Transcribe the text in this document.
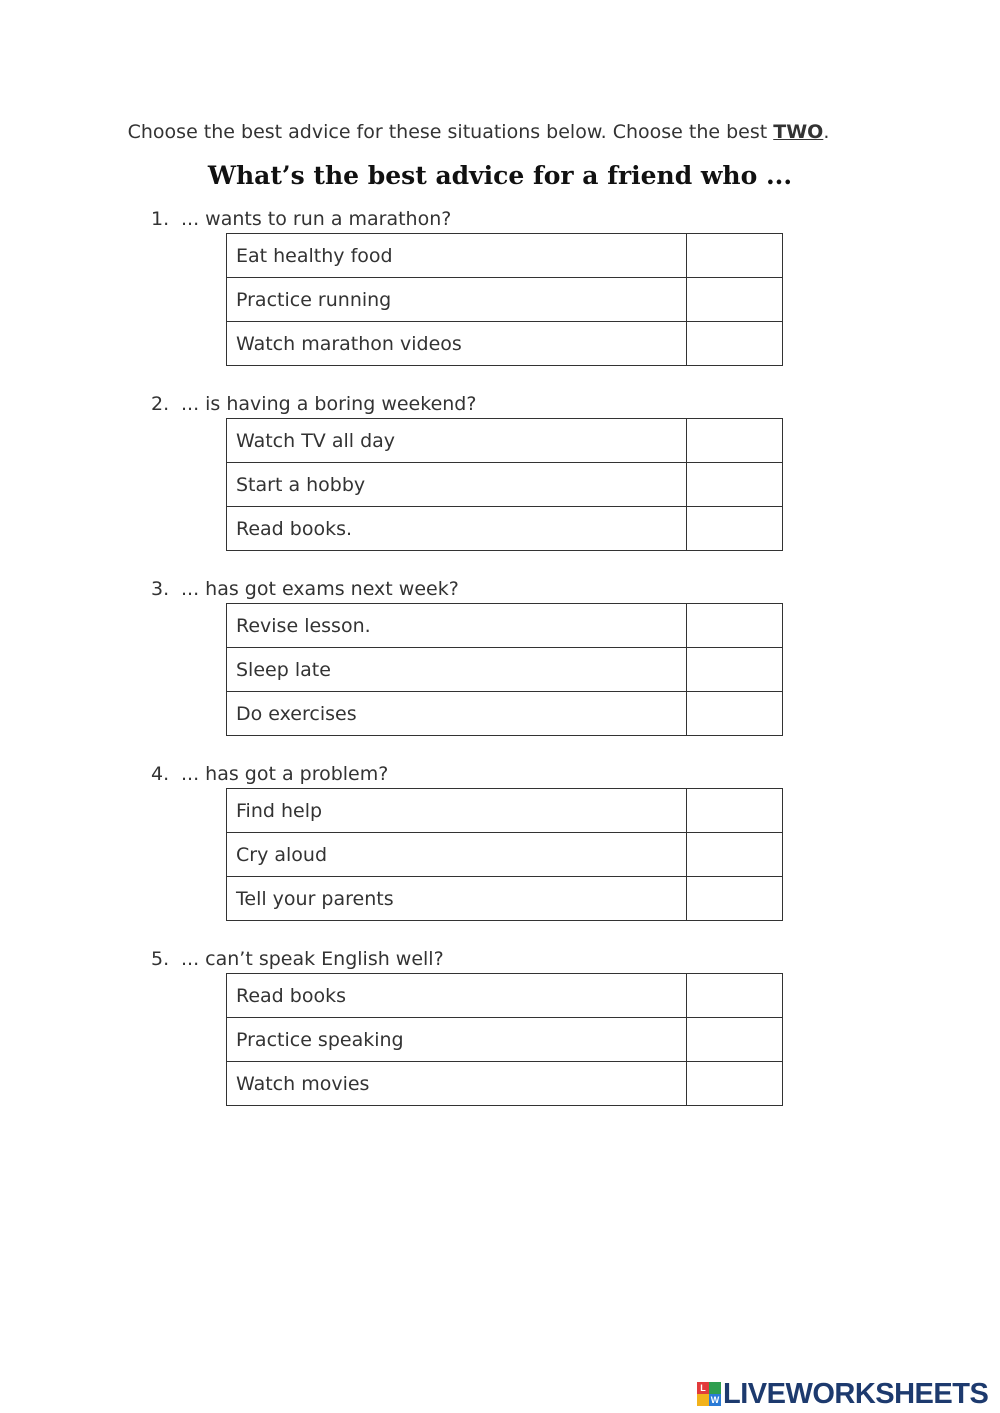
Choose the best advice for these situations below. Choose the best TWO.
What’s the best advice for a friend who ...
1. ... wants to run a marathon?
Eat healthy food	
Practice running	
Watch marathon videos	
2. ... is having a boring weekend?
Watch TV all day	
Start a hobby	
Read books.	
3. ... has got exams next week?
Revise lesson.	
Sleep late	
Do exercises	
4. ... has got a problem?
Find help	
Cry aloud	
Tell your parents	
5. ... can’t speak English well?
Read books	
Practice speaking	
Watch movies	
L
W LIVEWORKSHEETS
